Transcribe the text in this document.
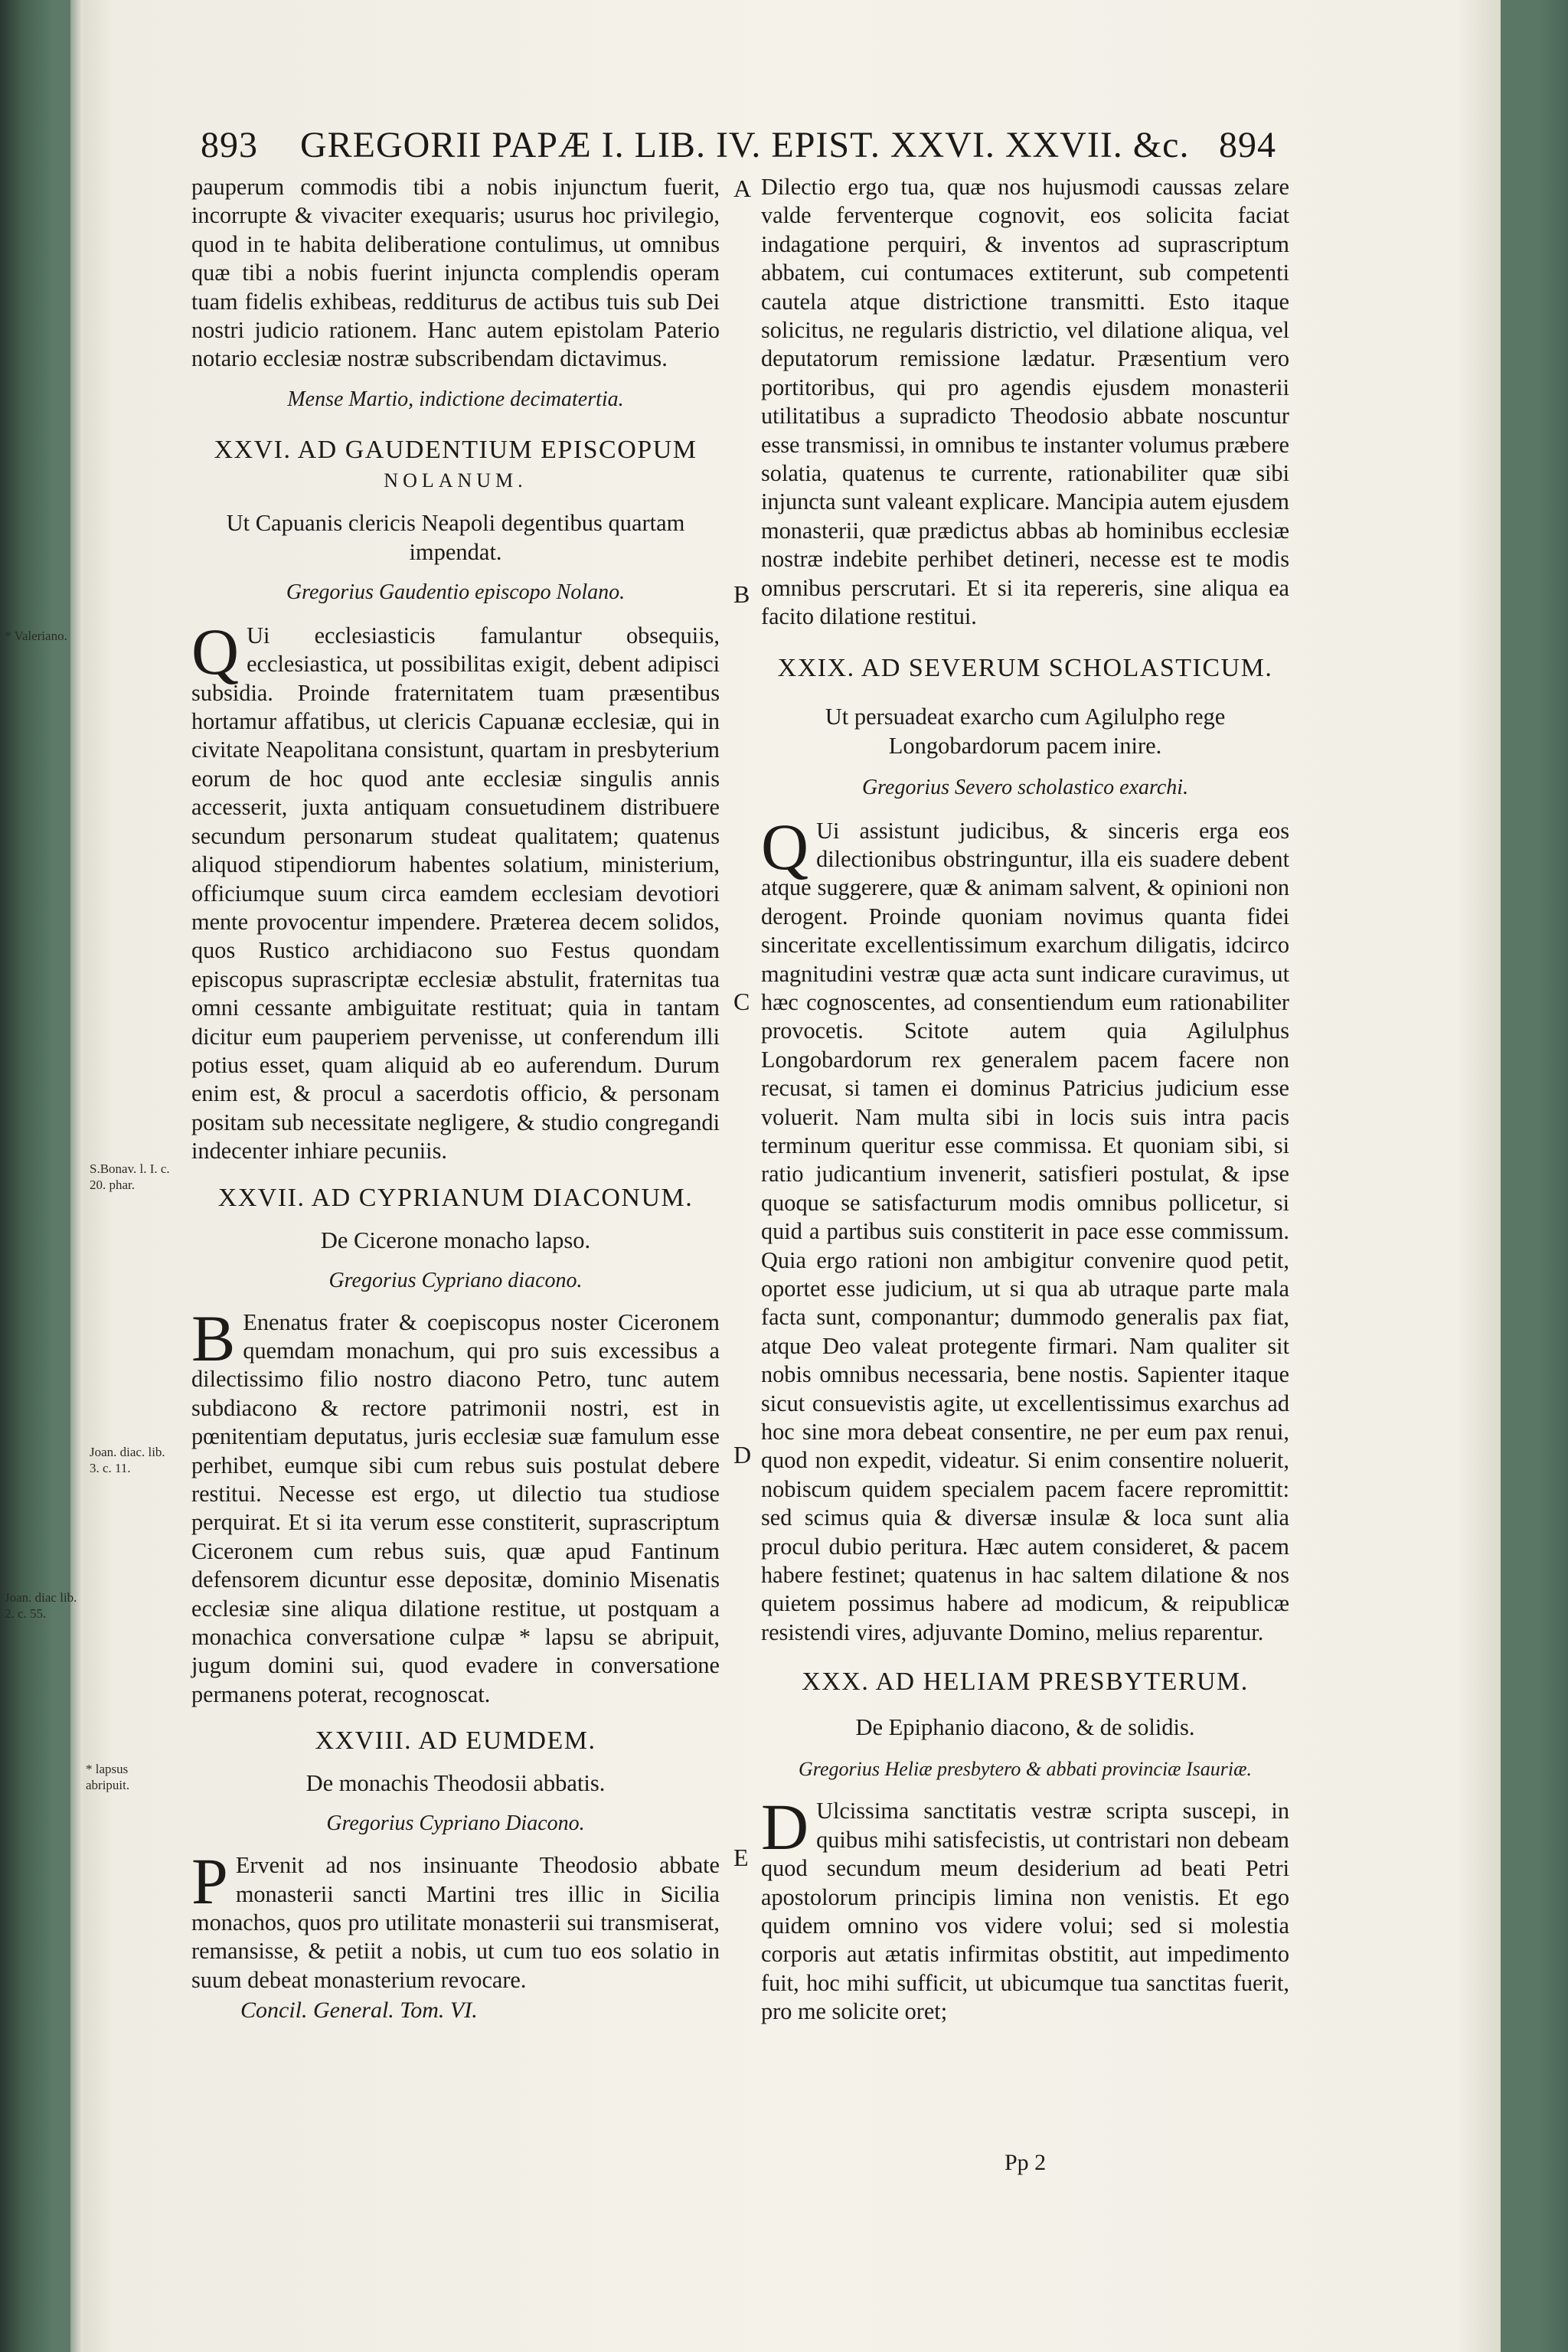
893 GREGORII PAPÆ I. LIB. IV. EPIST. XXVI. XXVII. &c. 894
* Valeriano.
S.Bonav. l. I. c. 20. phar.
Joan. diac. lib. 3. c. 11.
Joan. diac lib. 2. c. 55.
* lapsus abripuit.
A
B
C
D
E

pauperum commodis tibi a nobis injunctum fuerit, incorrupte & vivaciter exequaris; usurus hoc privilegio, quod in te habita deliberatione contulimus, ut omnibus quæ tibi a nobis fuerint injuncta complendis operam tuam fidelis exhibeas, redditurus de actibus tuis sub Dei nostri judicio rationem. Hanc autem epistolam Paterio notario ecclesiæ nostræ subscribendam dictavimus.

Mense Martio, indictione decimatertia.

XXVI. AD GAUDENTIUM EPISCOPUM
NOLANUM.

Ut Capuanis clericis Neapoli degentibus quartam impendat.

Gregorius Gaudentio episcopo Nolano.

Q Ui ecclesiasticis famulantur obsequiis, ecclesiastica, ut possibilitas exigit, debent adipisci subsidia. Proinde fraternitatem tuam præsentibus hortamur affatibus, ut clericis Capuanæ ecclesiæ, qui in civitate Neapolitana consistunt, quartam in presbyterium eorum de hoc quod ante ecclesiæ singulis annis accesserit, juxta antiquam consuetudinem distribuere secundum personarum studeat qualitatem; quatenus aliquod stipendiorum habentes solatium, ministerium, officiumque suum circa eamdem ecclesiam devotiori mente provocentur impendere. Præterea decem solidos, quos Rustico archidiacono suo Festus quondam episcopus suprascriptæ ecclesiæ abstulit, fraternitas tua omni cessante ambiguitate restituat; quia in tantam dicitur eum pauperiem pervenisse, ut conferendum illi potius esset, quam aliquid ab eo auferendum. Durum enim est, & procul a sacerdotis officio, & personam positam sub necessitate negligere, & studio congregandi indecenter inhiare pecuniis.

XXVII. AD CYPRIANUM DIACONUM.

De Cicerone monacho lapso.

Gregorius Cypriano diacono.

B Enenatus frater & coepiscopus noster Ciceronem quemdam monachum, qui pro suis excessibus a dilectissimo filio nostro diacono Petro, tunc autem subdiacono & rectore patrimonii nostri, est in pœnitentiam deputatus, juris ecclesiæ suæ famulum esse perhibet, eumque sibi cum rebus suis postulat debere restitui. Necesse est ergo, ut dilectio tua studiose perquirat. Et si ita verum esse constiterit, suprascriptum Ciceronem cum rebus suis, quæ apud Fantinum defensorem dicuntur esse depositæ, dominio Misenatis ecclesiæ sine aliqua dilatione restitue, ut postquam a monachica conversatione culpæ * lapsu se abripuit, jugum domini sui, quod evadere in conversatione permanens poterat, recognoscat.

XXVIII. AD EUMDEM.

De monachis Theodosii abbatis.

Gregorius Cypriano Diacono.

P Ervenit ad nos insinuante Theodosio abbate monasterii sancti Martini tres illic in Sicilia monachos, quos pro utilitate monasterii sui transmiserat, remansisse, & petiit a nobis, ut cum tuo eos solatio in suum debeat monasterium revocare.

Concil. General. Tom. VI.

Dilectio ergo tua, quæ nos hujusmodi caussas zelare valde ferventerque cognovit, eos solicita faciat indagatione perquiri, & inventos ad suprascriptum abbatem, cui contumaces extiterunt, sub competenti cautela atque districtione transmitti. Esto itaque solicitus, ne regularis districtio, vel dilatione aliqua, vel deputatorum remissione lædatur. Præsentium vero portitoribus, qui pro agendis ejusdem monasterii utilitatibus a supradicto Theodosio abbate noscuntur esse transmissi, in omnibus te instanter volumus præbere solatia, quatenus te currente, rationabiliter quæ sibi injuncta sunt valeant explicare. Mancipia autem ejusdem monasterii, quæ prædictus abbas ab hominibus ecclesiæ nostræ indebite perhibet detineri, necesse est te modis omnibus perscrutari. Et si ita repereris, sine aliqua ea facito dilatione restitui.

XXIX. AD SEVERUM SCHOLASTICUM.

Ut persuadeat exarcho cum Agilulpho rege Longobardorum pacem inire.

Gregorius Severo scholastico exarchi.

Q Ui assistunt judicibus, & sinceris erga eos dilectionibus obstringuntur, illa eis suadere debent atque suggerere, quæ & animam salvent, & opinioni non derogent. Proinde quoniam novimus quanta fidei sinceritate excellentissimum exarchum diligatis, idcirco magnitudini vestræ quæ acta sunt indicare curavimus, ut hæc cognoscentes, ad consentiendum eum rationabiliter provocetis. Scitote autem quia Agilulphus Longobardorum rex generalem pacem facere non recusat, si tamen ei dominus Patricius judicium esse voluerit. Nam multa sibi in locis suis intra pacis terminum queritur esse commissa. Et quoniam sibi, si ratio judicantium invenerit, satisfieri postulat, & ipse quoque se satisfacturum modis omnibus pollicetur, si quid a partibus suis constiterit in pace esse commissum. Quia ergo rationi non ambigitur convenire quod petit, oportet esse judicium, ut si qua ab utraque parte mala facta sunt, componantur; dummodo generalis pax fiat, atque Deo valeat protegente firmari. Nam qualiter sit nobis omnibus necessaria, bene nostis. Sapienter itaque sicut consuevistis agite, ut excellentissimus exarchus ad hoc sine mora debeat consentire, ne per eum pax renui, quod non expedit, videatur. Si enim consentire noluerit, nobiscum quidem specialem pacem facere repromittit: sed scimus quia & diversæ insulæ & loca sunt alia procul dubio peritura. Hæc autem consideret, & pacem habere festinet; quatenus in hac saltem dilatione & nos quietem possimus habere ad modicum, & reipublicæ resistendi vires, adjuvante Domino, melius reparentur.

XXX. AD HELIAM PRESBYTERUM.

De Epiphanio diacono, & de solidis.

Gregorius Heliæ presbytero & abbati provinciæ Isauriæ.

D Ulcissima sanctitatis vestræ scripta suscepi, in quibus mihi satisfecistis, ut contristari non debeam quod secundum meum desiderium ad beati Petri apostolorum principis limina non venistis. Et ego quidem omnino vos videre volui; sed si molestia corporis aut ætatis infirmitas obstitit, aut impedimento fuit, hoc mihi sufficit, ut ubicumque tua sanctitas fuerit, pro me solicite oret;

Pp 2
